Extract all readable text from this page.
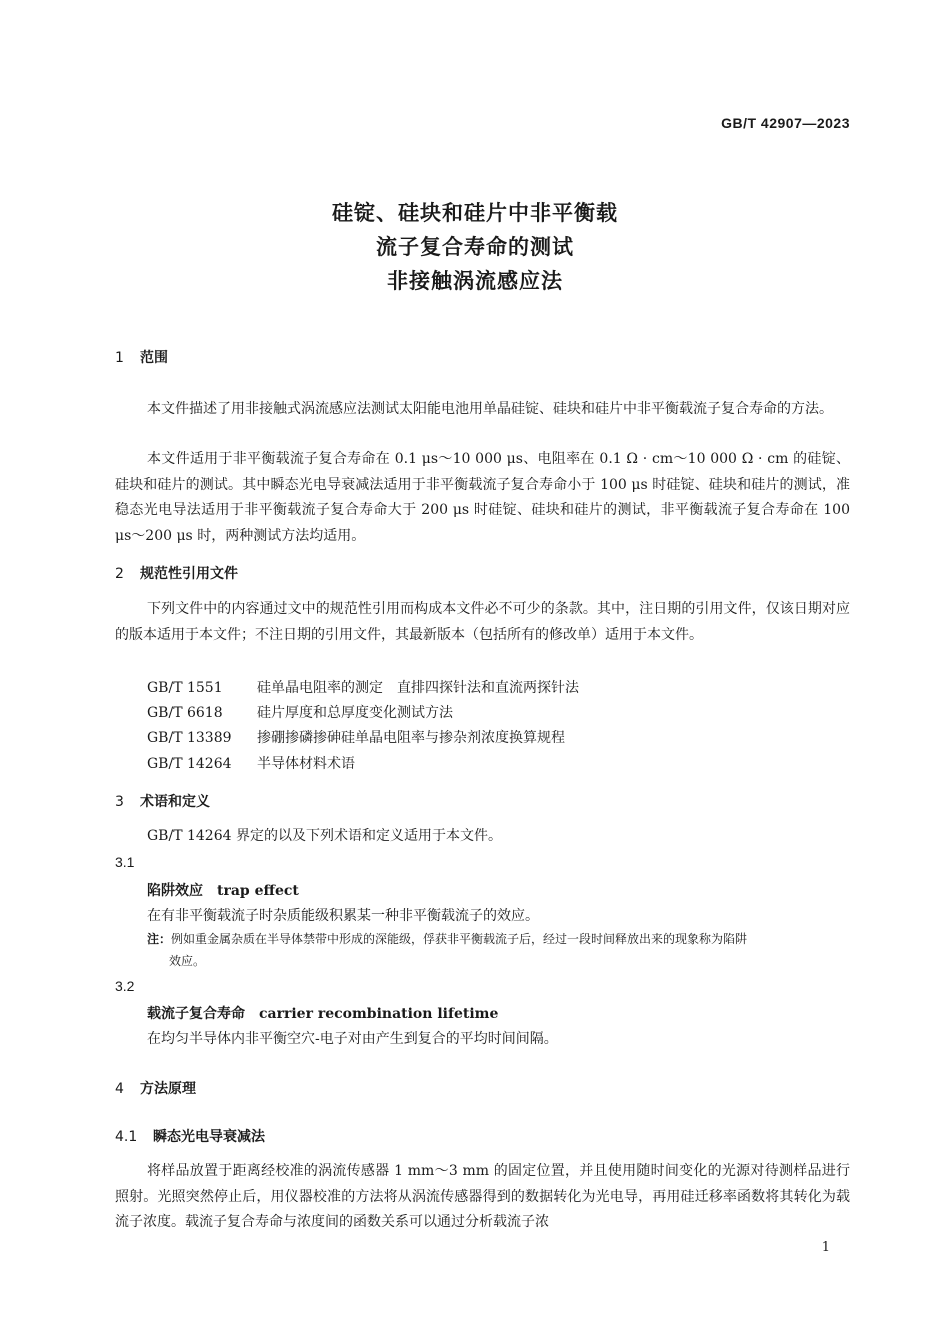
GB/T 42907—2023
硅锭、硅块和硅片中非平衡载
流子复合寿命的测试
非接触涡流感应法
1 范围
本文件描述了用非接触式涡流感应法测试太阳能电池用单晶硅锭、硅块和硅片中非平衡载流子复合寿命的方法。
本文件适用于非平衡载流子复合寿命在 0.1 μs～10 000 μs、电阻率在 0.1 Ω · cm～10 000 Ω · cm 的硅锭、硅块和硅片的测试。其中瞬态光电导衰减法适用于非平衡载流子复合寿命小于 100 μs 时硅锭、硅块和硅片的测试，准稳态光电导法适用于非平衡载流子复合寿命大于 200 μs 时硅锭、硅块和硅片的测试，非平衡载流子复合寿命在 100 μs～200 μs 时，两种测试方法均适用。
2 规范性引用文件
下列文件中的内容通过文中的规范性引用而构成本文件必不可少的条款。其中，注日期的引用文件，仅该日期对应的版本适用于本文件；不注日期的引用文件，其最新版本（包括所有的修改单）适用于本文件。
GB/T 1551 硅单晶电阻率的测定　直排四探针法和直流两探针法
GB/T 6618 硅片厚度和总厚度变化测试方法
GB/T 13389 掺硼掺磷掺砷硅单晶电阻率与掺杂剂浓度换算规程
GB/T 14264 半导体材料术语
3 术语和定义
GB/T 14264 界定的以及下列术语和定义适用于本文件。
3.1
陷阱效应 trap effect
在有非平衡载流子时杂质能级积累某一种非平衡载流子的效应。
注：例如重金属杂质在半导体禁带中形成的深能级，俘获非平衡载流子后，经过一段时间释放出来的现象称为陷阱
效应。
3.2
载流子复合寿命 carrier recombination lifetime
在均匀半导体内非平衡空穴-电子对由产生到复合的平均时间间隔。
4 方法原理
4.1 瞬态光电导衰减法
将样品放置于距离经校准的涡流传感器 1 mm～3 mm 的固定位置，并且使用随时间变化的光源对待测样品进行照射。光照突然停止后，用仪器校准的方法将从涡流传感器得到的数据转化为光电导，再用硅迁移率函数将其转化为载流子浓度。载流子复合寿命与浓度间的函数关系可以通过分析载流子浓
1
